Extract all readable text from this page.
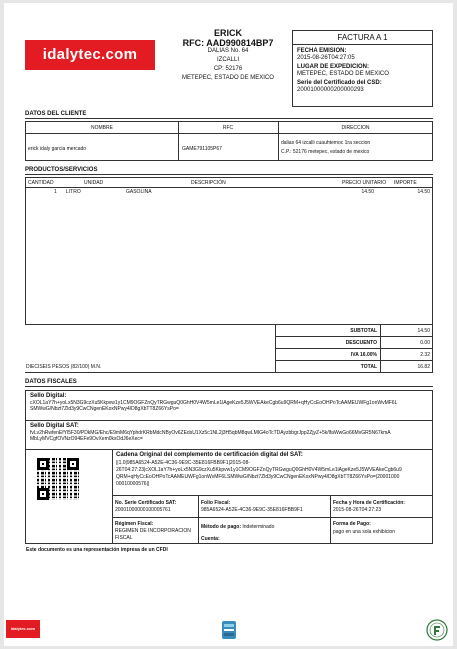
idalytec.com
ERICK
RFC: AAD990814BP7
DALIAS No. 64
IZCALLI
CP: 52176
METEPEC, ESTADO DE MEXICO
FACTURA A 1
FECHA EMISION:
2015-08-26T04:27:05
LUGAR DE EXPEDICION:
METEPEC, ESTADO DE MEXICO
Serie del Certificado del CSD:
20001000000200000293
DATOS DEL CLIENTE
NOMBRE	RFC	DIRECCION
erick idaly garcia mercado	GAME791105P67
dalias 64 izcalli cuauhtemoc 1ra seccion
C.P.: 52176 metepec, estado de mexico
PRODUCTOS/SERVICIOS
CANTIDAD	UNIDAD	DESCRIPCIÓN	PRECIO UNITARIO IMPORTE
1 LITRO	GASOLINA	14.50	14.50
SUBTOTAL	14.50
DESCUENTO	0.00
IVA 16.00%	2.32
TOTAL	16.82
DIECISEIS PESOS (82/100) M.N.
DATOS FISCALES
Sello Digital:
cXOL1aY7h+yoLx5N3G9czXu5Kkpvw1y1CM9OGFZnQyTRGwguQ0GhH0V4W5mLe1lAgeKze5J5WVEAkeCgb6u9QRM+qHyCcEoOHPoTcAAMEUWFg1onWvMF6L
SMWwG/Nbzt7Zld3y9CwCNgenEKoxNPwy4/D8gXbTT8Z66YsPo=
Sello Digital SAT:
fvLv2hRwfenEfYl5F30/PDkMG/Ehc/E9mM6qYphdrKRbMdcNByOv6ZEdsU1Xz5c1NL2j3H5qbM8qwLMIG4oTcTDAyzbbgrJpp2ZjyZ+5k/lfaWwGo66MvGR5N67kmA
MbLyMVCgfOVNzO94EFe9OvXem0ksOdJ6eXec=
Cadena Original del complemento de certificación digital del SAT:
||1.0|985A6524-A52E-4C36-9E9C-35E816FBB9F1|2015-08-
26T04:27:23|cXOL1aY7h+yoLx5N3G9czXu5Kkpvw1y1CM9OGFZnQyTRGwguQ0GhH0V4W5mLe1lAgeKze5J5WVEAkeCgb6u9
QRM+qHyCcEoOHPoTcAAMEUWFg1onWvMF6LSMWwG/Nbzt7Zld3y9CwCNgenEKoxNPwy4/D8gXbTT8Z66YsPo=|20001000
00010000576||
No. Serie Certificado SAT:
20001000000100005761
Folio Fiscal:
985A6524-A52E-4C36-9E9C-35E816FBB9F1
Fecha y Hora de Certificación:
2015-08-26T04:27:23
Régimen Fiscal:
REGIMEN DE INCORPORACION
FISCAL
Método de pago: Indeterminado
Cuenta:
Forma de Pago:
pago en una sola exhibicion
Este documento es una representación impresa de un CFDI
idalytec.com
